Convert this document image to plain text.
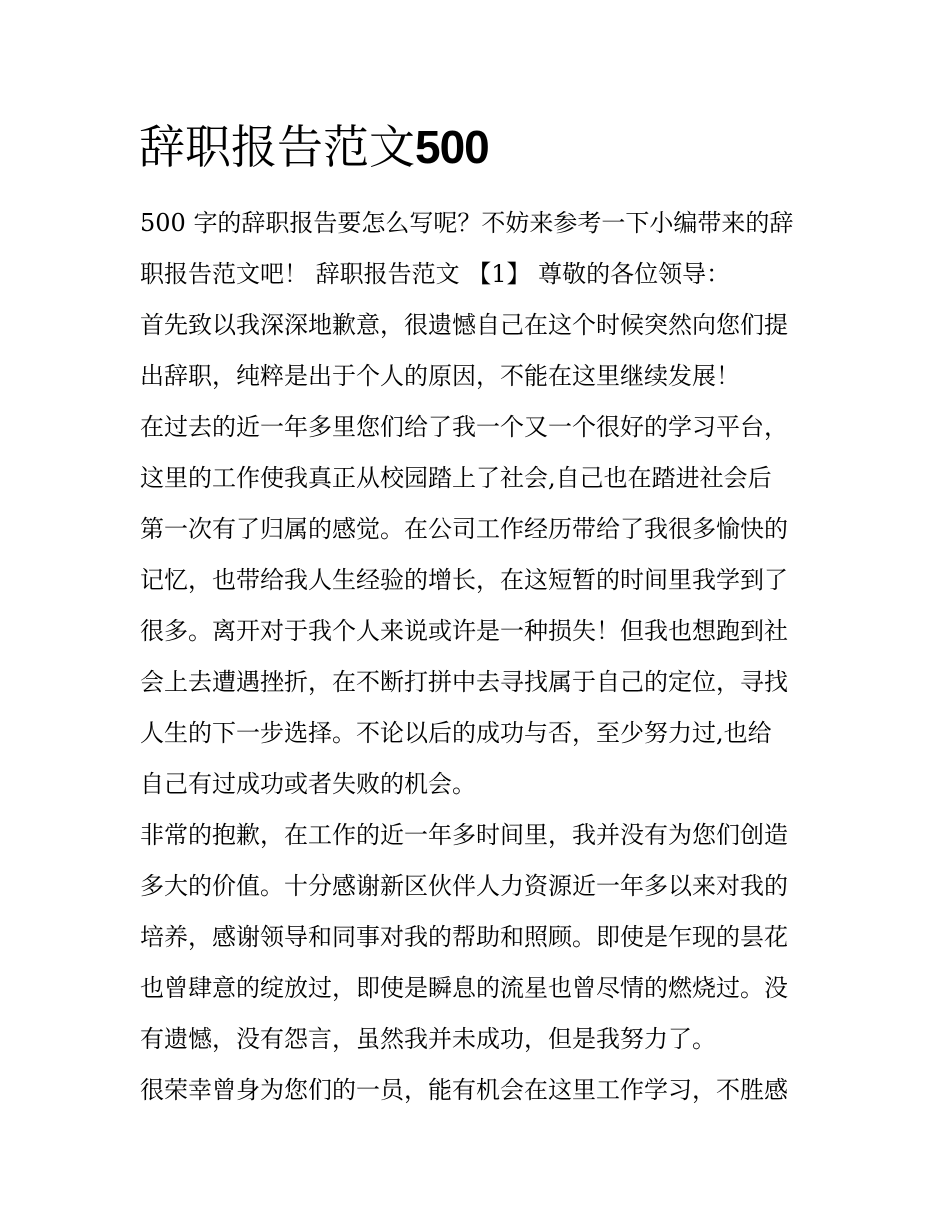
辞职报告范文500
500 字的辞职报告要怎么写呢？不妨来参考一下小编带来的辞
职报告范文吧！ 辞职报告范文 【1】 尊敬的各位领导：
首先致以我深深地歉意，很遗憾自己在这个时候突然向您们提
出辞职，纯粹是出于个人的原因，不能在这里继续发展！
在过去的近一年多里您们给了我一个又一个很好的学习平台，
这里的工作使我真正从校园踏上了社会,自己也在踏进社会后
第一次有了归属的感觉。在公司工作经历带给了我很多愉快的
记忆，也带给我人生经验的增长，在这短暂的时间里我学到了
很多。离开对于我个人来说或许是一种损失！但我也想跑到社
会上去遭遇挫折，在不断打拼中去寻找属于自己的定位，寻找
人生的下一步选择。不论以后的成功与否，至少努力过,也给
自己有过成功或者失败的机会。
非常的抱歉，在工作的近一年多时间里，我并没有为您们创造
多大的价值。十分感谢新区伙伴人力资源近一年多以来对我的
培养，感谢领导和同事对我的帮助和照顾。即使是乍现的昙花
也曾肆意的绽放过，即使是瞬息的流星也曾尽情的燃烧过。没
有遗憾，没有怨言，虽然我并未成功，但是我努力了。
很荣幸曾身为您们的一员，能有机会在这里工作学习，不胜感
